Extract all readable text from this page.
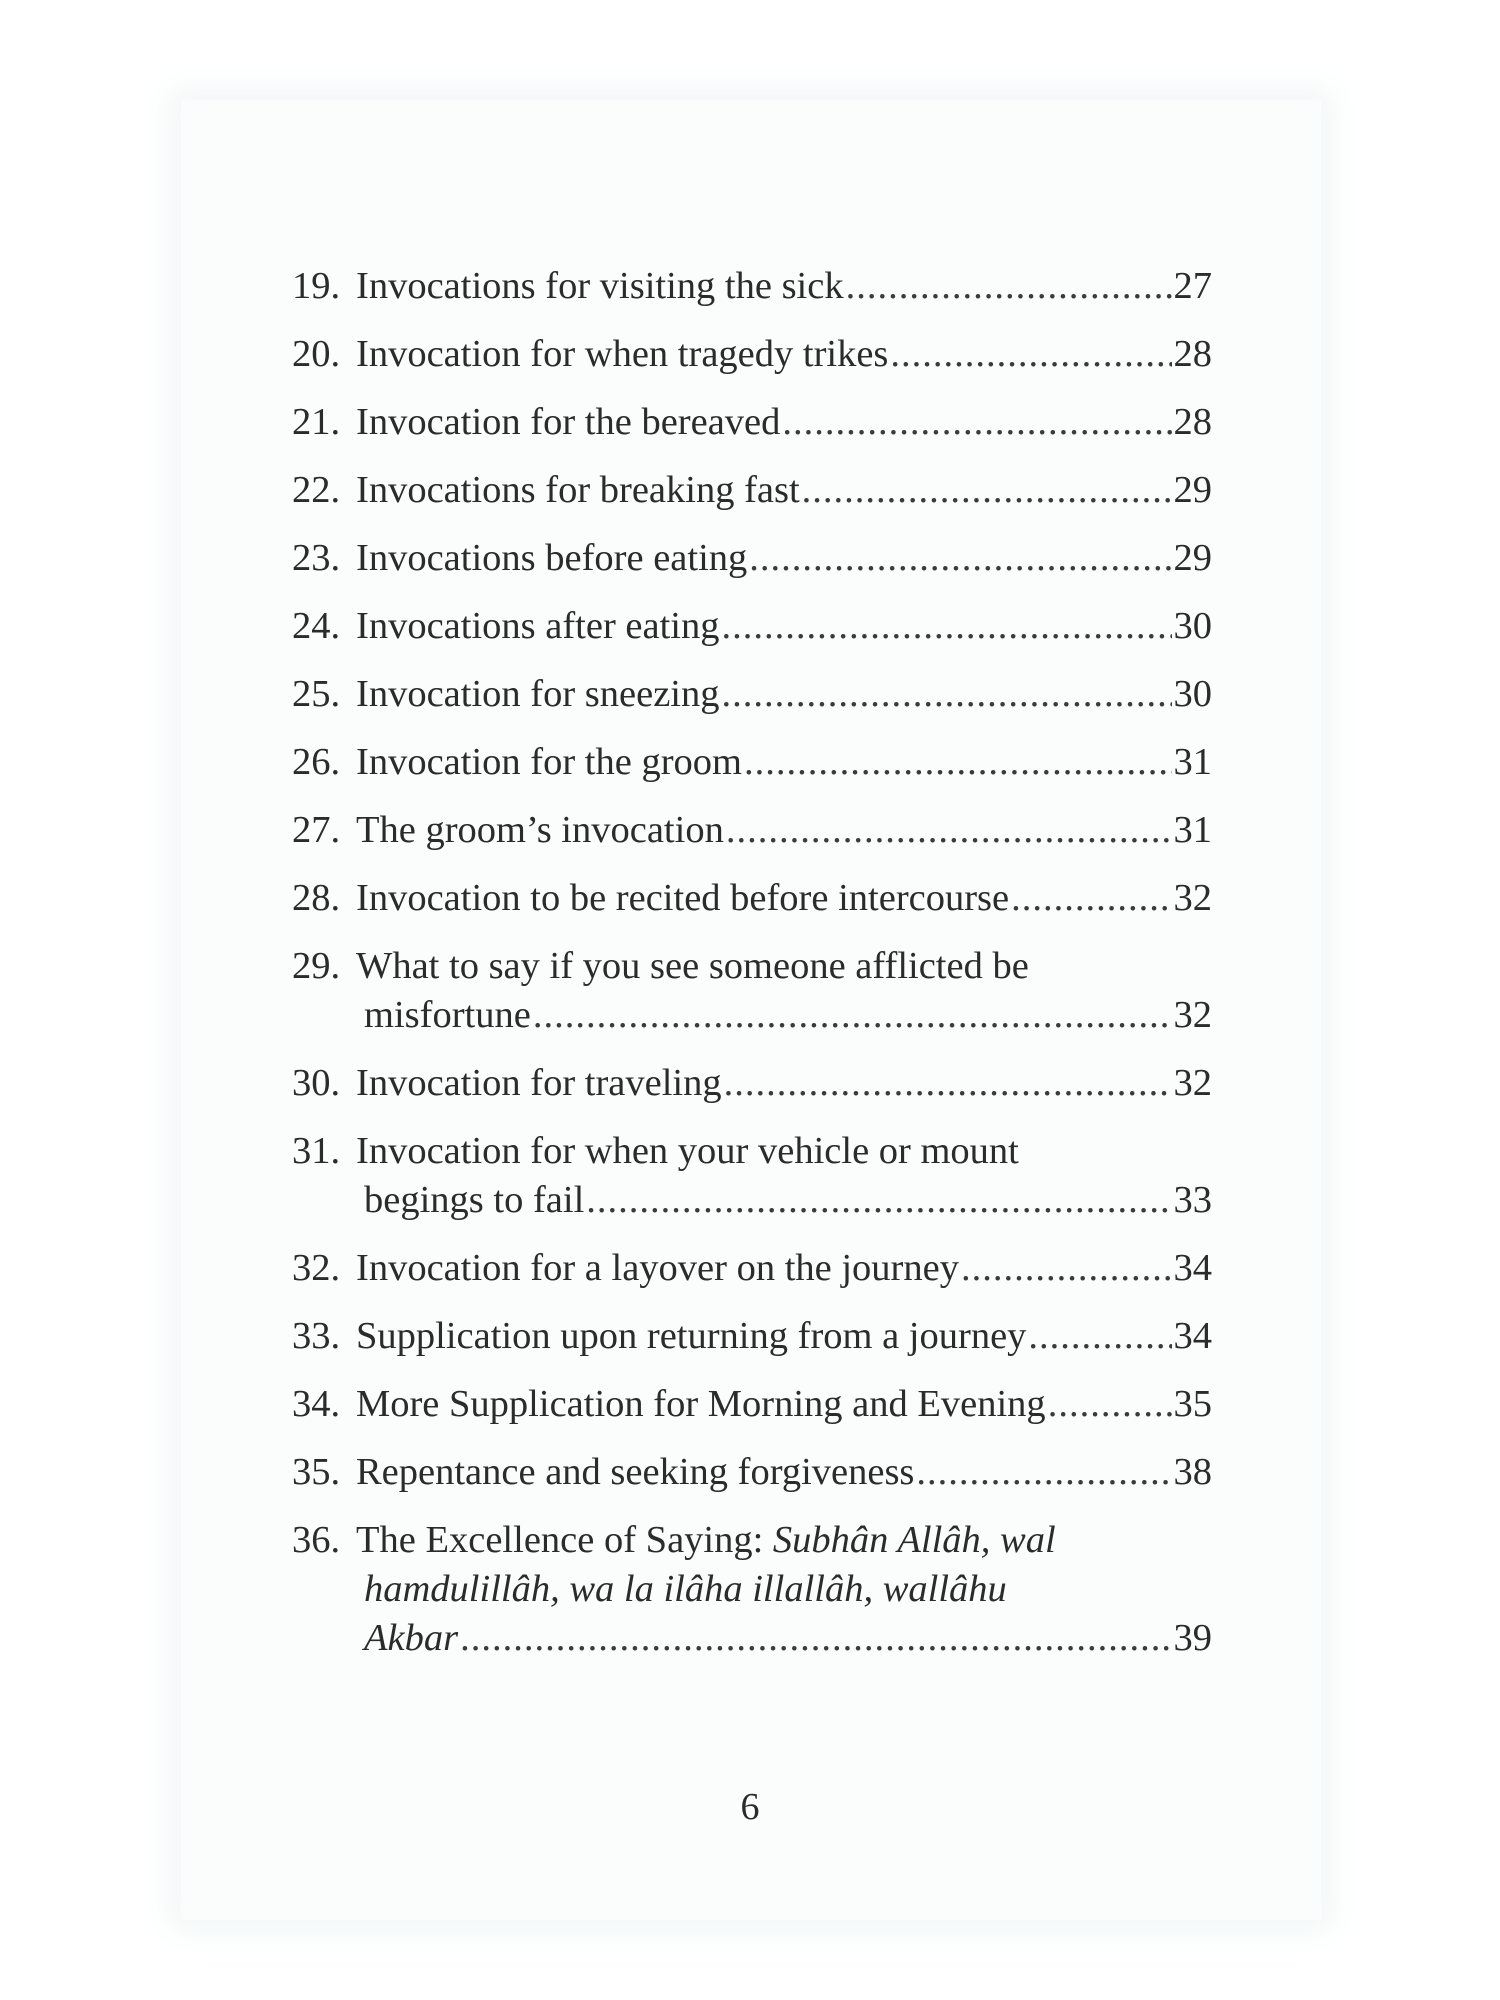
19. Invocations for visiting the sick .....	27
20. Invocation for when tragedy trikes .....	28
21. Invocation for the bereaved .....	28
22. Invocations for breaking fast .....	29
23. Invocations before eating .....	29
24. Invocations after eating .....	30
25. Invocation for sneezing .....	30
26. Invocation for the groom .....	31
27. The groom’s invocation .....	31
28. Invocation to be recited before intercourse .....	32
29. What to say if you see someone afflicted be
misfortune .....	32
30. Invocation for traveling .....	32
31. Invocation for when your vehicle or mount
begings to fail .....	33
32. Invocation for a layover on the journey .....	34
33. Supplication upon returning from a journey .....	34
34. More Supplication for Morning and Evening .....	35
35. Repentance and seeking forgiveness .....	38
36. The Excellence of Saying: Subhân Allâh, wal
hamdulillâh, wa la ilâha illallâh, wallâhu
Akbar .....	39
6
